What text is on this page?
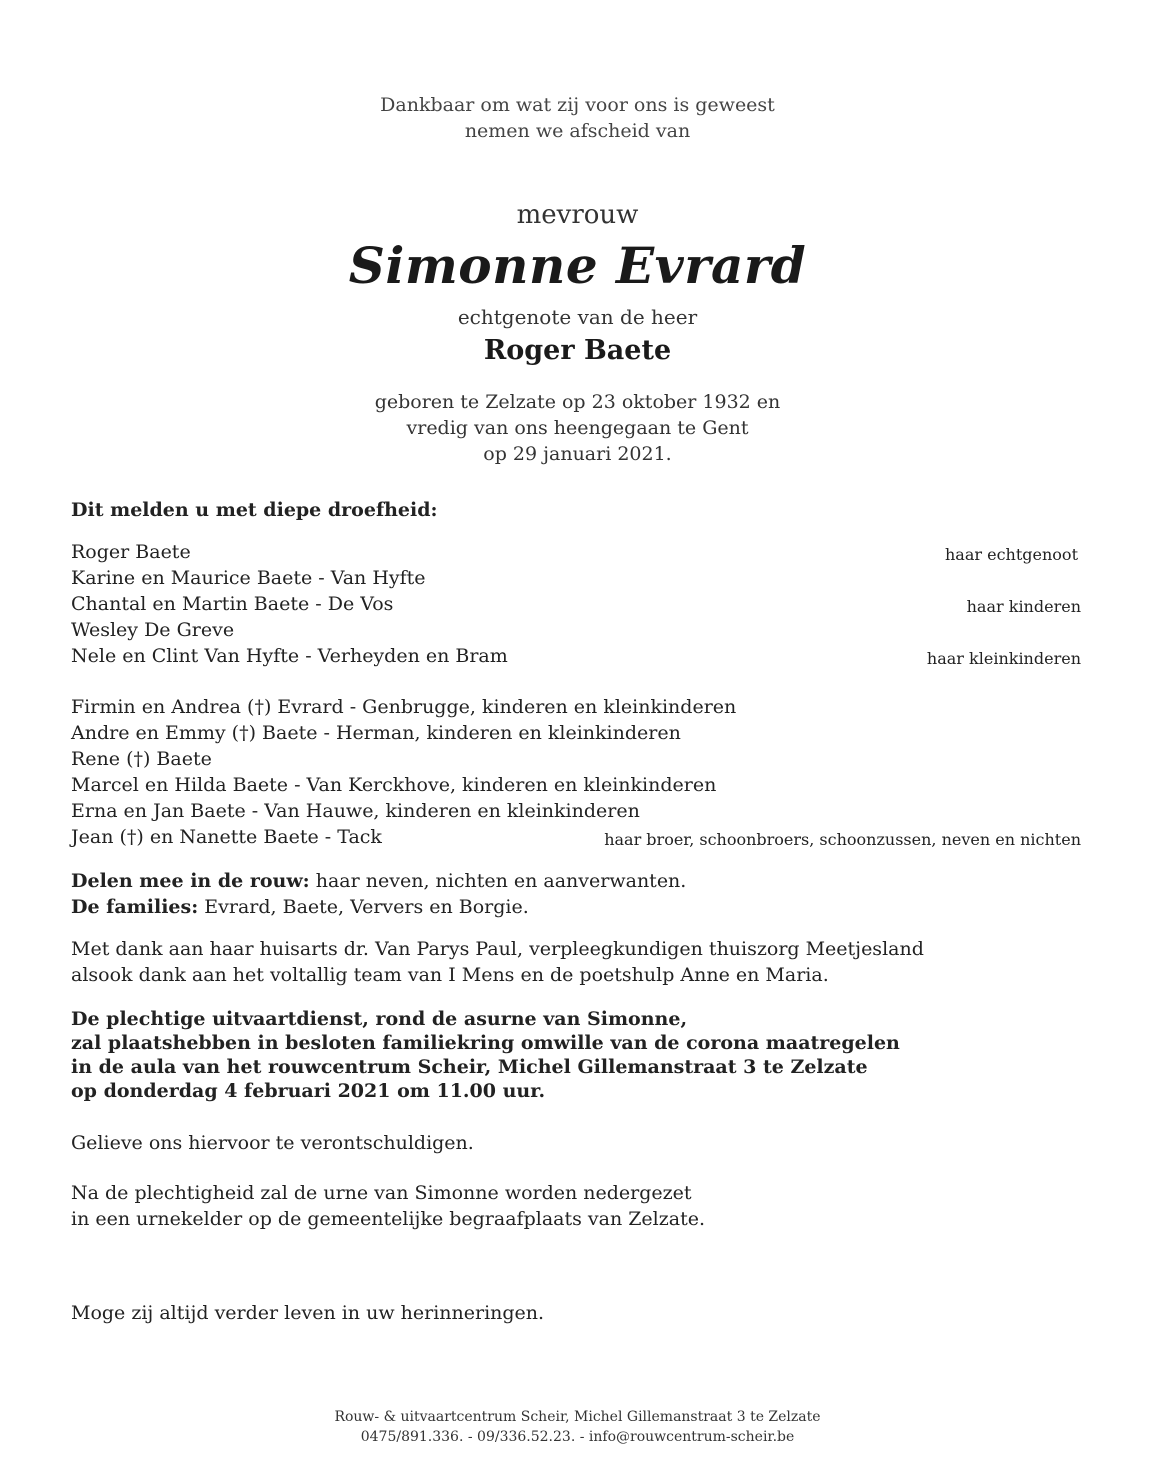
Dankbaar om wat zij voor ons is geweest
nemen we afscheid van
mevrouw
Simonne Evrard
echtgenote van de heer
Roger Baete
geboren te Zelzate op 23 oktober 1932 en
vredig van ons heengegaan te Gent
op 29 januari 2021.
Dit melden u met diepe droefheid:
Roger Baete	haar echtgenoot
Karine en Maurice Baete - Van Hyfte
Chantal en Martin Baete - De Vos	haar kinderen
Wesley De Greve
Nele en Clint Van Hyfte - Verheyden en Bram	haar kleinkinderen
Firmin en Andrea (†) Evrard - Genbrugge, kinderen en kleinkinderen
Andre en Emmy (†) Baete - Herman, kinderen en kleinkinderen
Rene (†) Baete
Marcel en Hilda Baete - Van Kerckhove, kinderen en kleinkinderen
Erna en Jan Baete - Van Hauwe, kinderen en kleinkinderen
Jean (†) en Nanette Baete - Tack	haar broer, schoonbroers, schoonzussen, neven en nichten
Delen mee in de rouw: haar neven, nichten en aanverwanten.
De families: Evrard, Baete, Ververs en Borgie.
Met dank aan haar huisarts dr. Van Parys Paul, verpleegkundigen thuiszorg Meetjesland
alsook dank aan het voltallig team van I Mens en de poetshulp Anne en Maria.
De plechtige uitvaartdienst, rond de asurne van Simonne,
zal plaatshebben in besloten familiekring omwille van de corona maatregelen
in de aula van het rouwcentrum Scheir, Michel Gillemanstraat 3 te Zelzate
op donderdag 4 februari 2021 om 11.00 uur.
Gelieve ons hiervoor te verontschuldigen.
Na de plechtigheid zal de urne van Simonne worden nedergezet
in een urnekelder op de gemeentelijke begraafplaats van Zelzate.
Moge zij altijd verder leven in uw herinneringen.
Rouw- & uitvaartcentrum Scheir, Michel Gillemanstraat 3 te Zelzate
0475/891.336. - 09/336.52.23. - info@rouwcentrum-scheir.be
